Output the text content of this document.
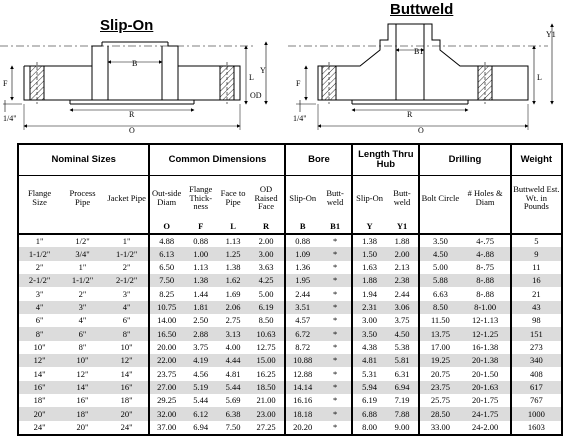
Slip-On
Buttweld
B
F
L
Y
OD
R
O
1/4"
B1
F
L
Y1
R
O
1/4"
Nominal Sizes			Common Dimensions				Bore		Length Thru Hub		Drilling		Weight
Flange Size	Process Pipe	Jacket Pipe	Out-side Diam	Flange Thick-ness	Face to Pipe	OD Raised Face	Slip-On	Butt-weld	Slip-On	Butt-weld	Bolt Circle	# Holes & Diam	Buttweld Est. Wt. in Pounds
			O	F	L	R	B	B1	Y	Y1			
1"	1/2"	1"	4.88	0.88	1.13	2.00	0.88	*	1.38	1.88	3.50	4-.75	5
1-1/2"	3/4"	1-1/2"	6.13	1.00	1.25	3.00	1.09	*	1.50	2.00	4.50	4-.88	9
2"	1"	2"	6.50	1.13	1.38	3.63	1.36	*	1.63	2.13	5.00	8-.75	11
2-1/2"	1-1/2"	2-1/2"	7.50	1.38	1.62	4.25	1.95	*	1.88	2.38	5.88	8-.88	16
3"	2"	3"	8.25	1.44	1.69	5.00	2.44	*	1.94	2.44	6.63	8-.88	21
4"	3"	4"	10.75	1.81	2.06	6.19	3.51	*	2.31	3.06	8.50	8-1.00	43
6"	4"	6"	14.00	2.50	2.75	8.50	4.57	*	3.00	3.75	11.50	12-1.13	98
8"	6"	8"	16.50	2.88	3.13	10.63	6.72	*	3.50	4.50	13.75	12-1.25	151
10"	8"	10"	20.00	3.75	4.00	12.75	8.72	*	4.38	5.38	17.00	16-1.38	273
12"	10"	12"	22.00	4.19	4.44	15.00	10.88	*	4.81	5.81	19.25	20-1.38	340
14"	12"	14"	23.75	4.56	4.81	16.25	12.88	*	5.31	6.31	20.75	20-1.50	408
16"	14"	16"	27.00	5.19	5.44	18.50	14.14	*	5.94	6.94	23.75	20-1.63	617
18"	16"	18"	29.25	5.44	5.69	21.00	16.16	*	6.19	7.19	25.75	20-1.75	767
20"	18"	20"	32.00	6.12	6.38	23.00	18.18	*	6.88	7.88	28.50	24-1.75	1000
24"	20"	24"	37.00	6.94	7.50	27.25	20.20	*	8.00	9.00	33.00	24-2.00	1603
